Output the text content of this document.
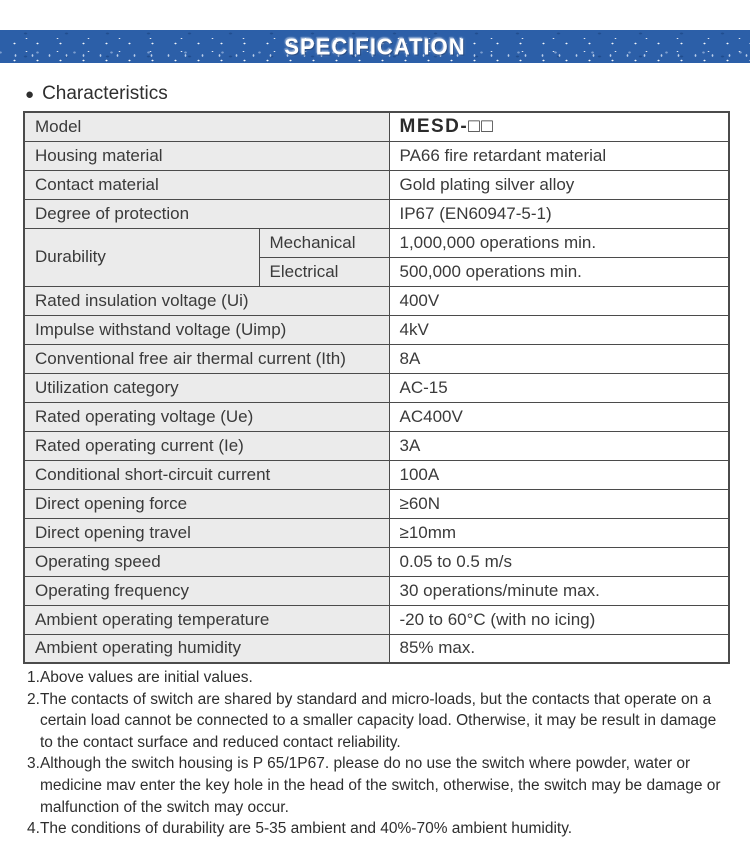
SPECIFICATION
● Characteristics
Model		MESD-□□
Housing material		PA66 fire retardant material
Contact material		Gold plating silver alloy
Degree of protection		IP67 (EN60947-5-1)
Durability	Mechanical	1,000,000 operations min.
	Electrical	500,000 operations min.
Rated insulation voltage (Ui)		400V
Impulse withstand voltage (Uimp)		4kV
Conventional free air thermal current (Ith)		8A
Utilization category		AC-15
Rated operating voltage (Ue)		AC400V
Rated operating current (Ie)		3A
Conditional short-circuit current		100A
Direct opening force		≥60N
Direct opening travel		≥10mm
Operating speed		0.05 to 0.5 m/s
Operating frequency		30 operations/minute max.
Ambient operating temperature		-20 to 60°C (with no icing)
Ambient operating humidity		85% max.
1. Above values are initial values.
2. The contacts of switch are shared by standard and micro-loads, but the contacts that operate on a certain load cannot be connected to a smaller capacity load. Otherwise, it may be result in damage to the contact surface and reduced contact reliability.
3. Although the switch housing is P 65/1P67. please do no use the switch where powder, water or medicine mav enter the key hole in the head of the switch, otherwise, the switch may be damage or malfunction of the switch may occur.
4. The conditions of durability are 5-35 ambient and 40%-70% ambient humidity.
